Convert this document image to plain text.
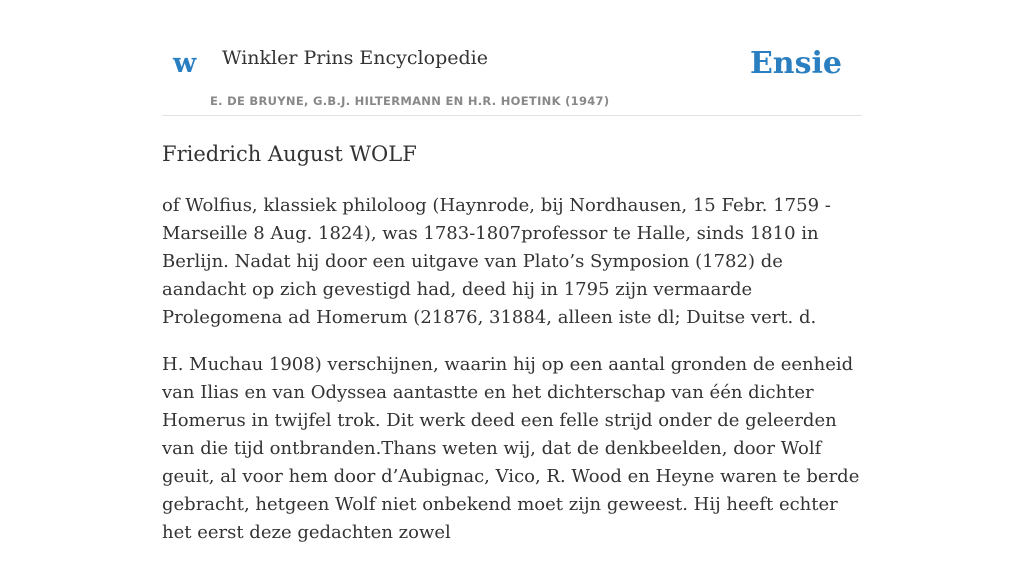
w Winkler Prins Encyclopedie
E. DE BRUYNE, G.B.J. HILTERMANN EN H.R. HOETINK (1947)
Ensie
Friedrich August WOLF

of Wolfius, klassiek philoloog (Haynrode, bij Nordhausen, 15 Febr. 1759 - Marseille 8 Aug. 1824), was 1783-1807professor te Halle, sinds 1810 in Berlijn. Nadat hij door een uitgave van Plato’s Symposion (1782) de aandacht op zich gevestigd had, deed hij in 1795 zijn vermaarde Prolegomena ad Homerum (21876, 31884, alleen iste dl; Duitse vert. d.

H. Muchau 1908) verschijnen, waarin hij op een aantal gronden de eenheid van Ilias en van Odyssea aantastte en het dichterschap van één dichter Homerus in twijfel trok. Dit werk deed een felle strijd onder de geleerden van die tijd ontbranden.Thans weten wij, dat de denkbeelden, door Wolf geuit, al voor hem door d’Aubignac, Vico, R. Wood en Heyne waren te berde gebracht, hetgeen Wolf niet onbekend moet zijn geweest. Hij heeft echter het eerst deze gedachten zowel
